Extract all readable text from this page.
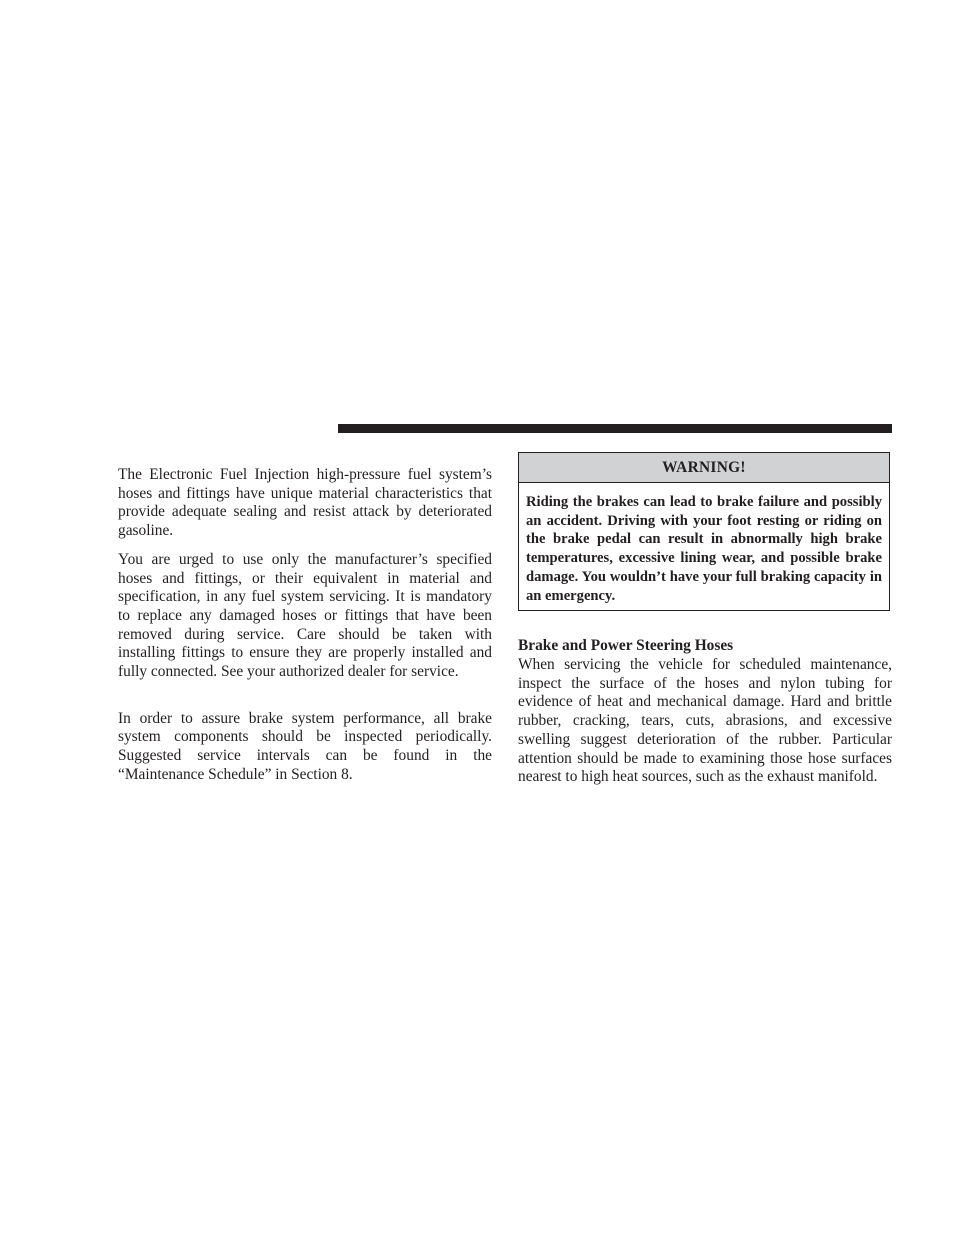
The Electronic Fuel Injection high-pressure fuel system’s hoses and fittings have unique material characteristics that provide adequate sealing and resist attack by deteriorated gasoline.

You are urged to use only the manufacturer’s specified hoses and fittings, or their equivalent in material and specification, in any fuel system servicing. It is mandatory to replace any damaged hoses or fittings that have been removed during service. Care should be taken with installing fittings to ensure they are properly installed and fully connected. See your authorized dealer for service.

In order to assure brake system performance, all brake system components should be inspected periodically. Suggested service intervals can be found in the “Maintenance Schedule” in Section 8.

WARNING!
Riding the brakes can lead to brake failure and possibly an accident. Driving with your foot resting or riding on the brake pedal can result in abnormally high brake temperatures, excessive lining wear, and possible brake damage. You wouldn’t have your full braking capacity in an emergency.
Brake and Power Steering Hoses

When servicing the vehicle for scheduled maintenance, inspect the surface of the hoses and nylon tubing for evidence of heat and mechanical damage. Hard and brittle rubber, cracking, tears, cuts, abrasions, and excessive swelling suggest deterioration of the rubber. Particular attention should be made to examining those hose surfaces nearest to high heat sources, such as the exhaust manifold.
